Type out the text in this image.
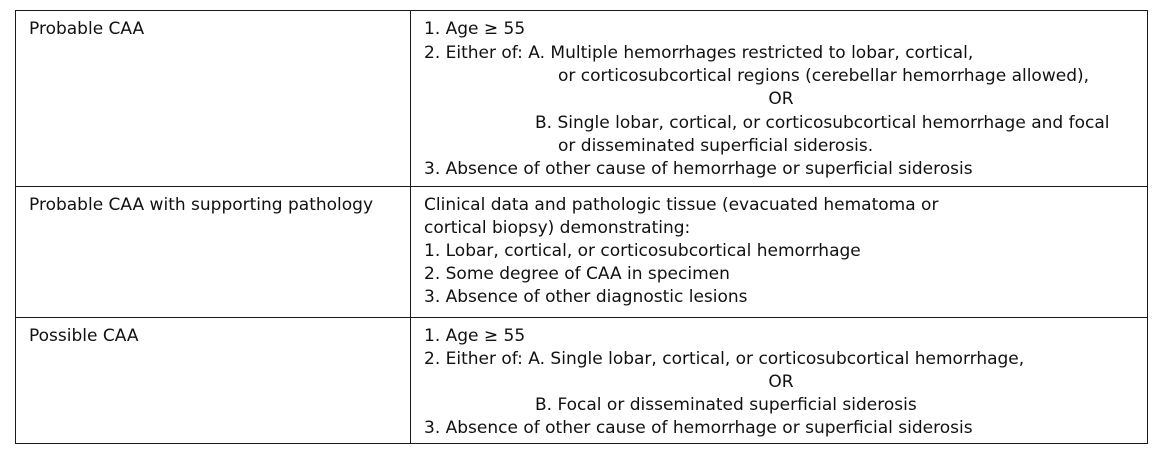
Probable CAA	1. Age ≥ 55
2. Either of: A. Multiple hemorrhages restricted to lobar, cortical,
or corticosubcortical regions (cerebellar hemorrhage allowed),
OR
B. Single lobar, cortical, or corticosubcortical hemorrhage and focal
or disseminated superficial siderosis.
3. Absence of other cause of hemorrhage or superficial siderosis
Probable CAA with supporting pathology	Clinical data and pathologic tissue (evacuated hematoma or
cortical biopsy) demonstrating:
1. Lobar, cortical, or corticosubcortical hemorrhage
2. Some degree of CAA in specimen
3. Absence of other diagnostic lesions
Possible CAA	1. Age ≥ 55
2. Either of: A. Single lobar, cortical, or corticosubcortical hemorrhage,
OR
B. Focal or disseminated superficial siderosis
3. Absence of other cause of hemorrhage or superficial siderosis
